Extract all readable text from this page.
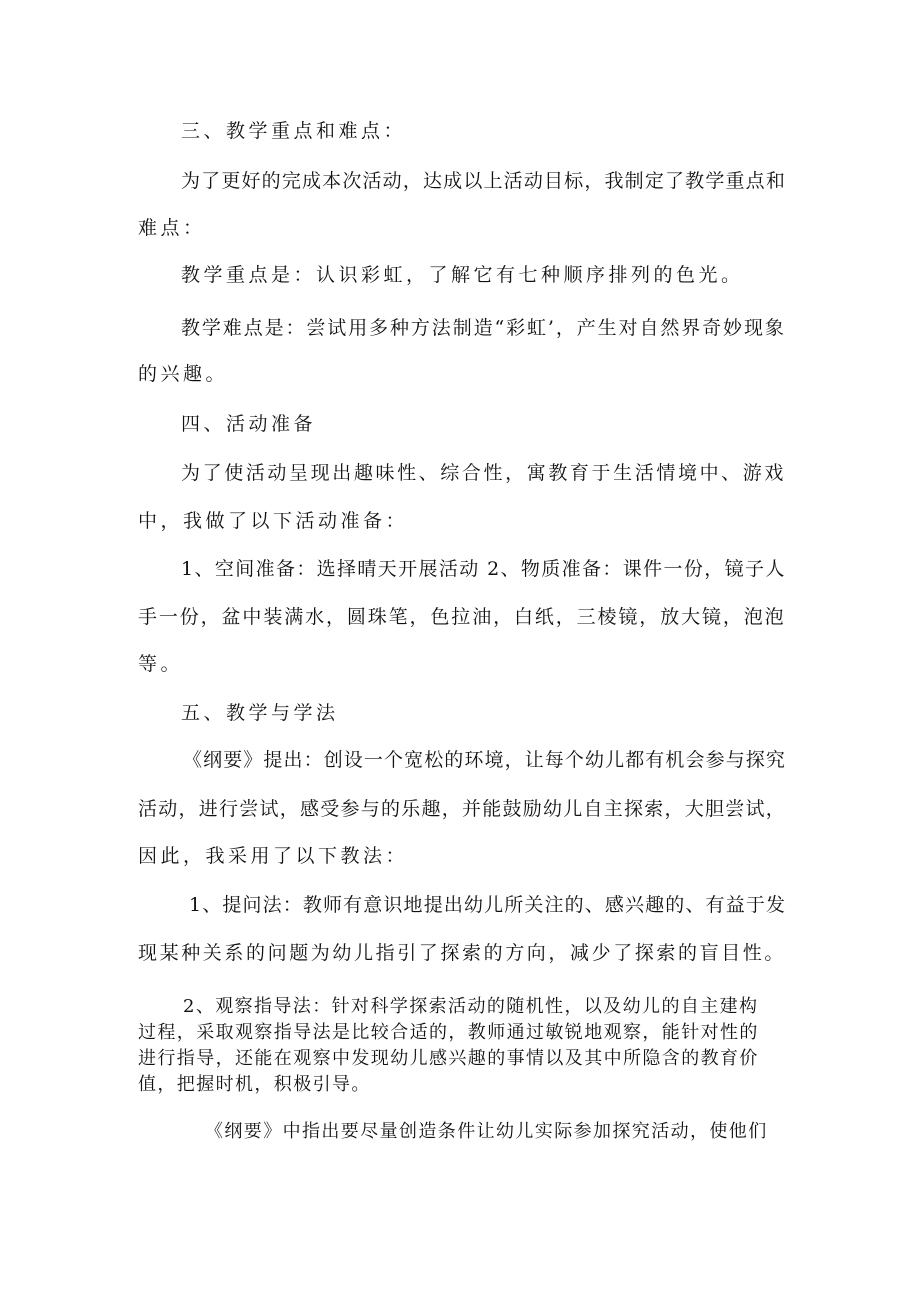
三、教学重点和难点：
为了更好的完成本次活动，达成以上活动目标，我制定了教学重点和
难点：
教学重点是：认识彩虹，了解它有七种顺序排列的色光。
教学难点是：尝试用多种方法制造“彩虹’，产生对自然界奇妙现象
的兴趣。
四、活动准备
为了使活动呈现出趣味性、综合性，寓教育于生活情境中、游戏
中，我做了以下活动准备：
1、空间准备：选择晴天开展活动 2、物质准备：课件一份，镜子人
手一份，盆中装满水，圆珠笔，色拉油，白纸，三棱镜，放大镜，泡泡
等。
五、教学与学法
《纲要》提出：创设一个宽松的环境，让每个幼儿都有机会参与探究
活动，进行尝试，感受参与的乐趣，并能鼓励幼儿自主探索，大胆尝试，
因此，我采用了以下教法：
1、提问法：教师有意识地提出幼儿所关注的、感兴趣的、有益于发
现某种关系的问题为幼儿指引了探索的方向，减少了探索的盲目性。
2、观察指导法：针对科学探索活动的随机性，以及幼儿的自主建构
过程，采取观察指导法是比较合适的，教师通过敏锐地观察，能针对性的
进行指导，还能在观察中发现幼儿感兴趣的事情以及其中所隐含的教育价
值，把握时机，积极引导。
《纲要》中指出要尽量创造条件让幼儿实际参加探究活动，使他们
